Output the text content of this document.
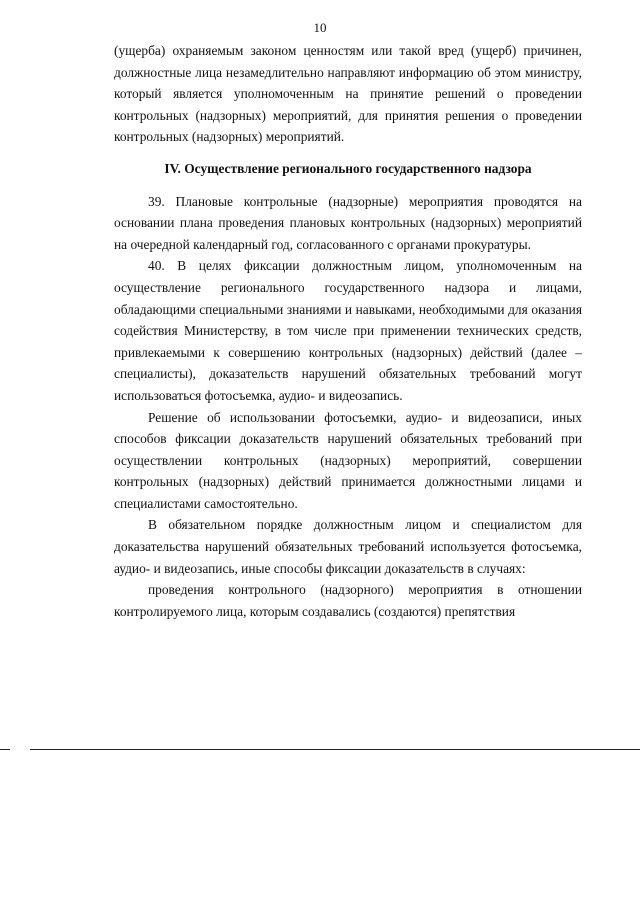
10

(ущерба) охраняемым законом ценностям или такой вред (ущерб) причинен, должностные лица незамедлительно направляют информацию об этом министру, который является уполномоченным на принятие решений о проведении контрольных (надзорных) мероприятий, для принятия решения о проведении контрольных (надзорных) мероприятий.

IV. Осуществление регионального государственного надзора

39. Плановые контрольные (надзорные) мероприятия проводятся на основании плана проведения плановых контрольных (надзорных) мероприятий на очередной календарный год, согласованного с органами прокуратуры.

40. В целях фиксации должностным лицом, уполномоченным на осуществление регионального государственного надзора и лицами, обладающими специальными знаниями и навыками, необходимыми для оказания содействия Министерству, в том числе при применении технических средств, привлекаемыми к совершению контрольных (надзорных) действий (далее – специалисты), доказательств нарушений обязательных требований могут использоваться фотосъемка, аудио- и видеозапись.

Решение об использовании фотосъемки, аудио- и видеозаписи, иных способов фиксации доказательств нарушений обязательных требований при осуществлении контрольных (надзорных) мероприятий, совершении контрольных (надзорных) действий принимается должностными лицами и специалистами самостоятельно.

В обязательном порядке должностным лицом и специалистом для доказательства нарушений обязательных требований используется фотосъемка, аудио- и видеозапись, иные способы фиксации доказательств в случаях:

проведения контрольного (надзорного) мероприятия в отношении контролируемого лица, которым создавались (создаются) препятствия
